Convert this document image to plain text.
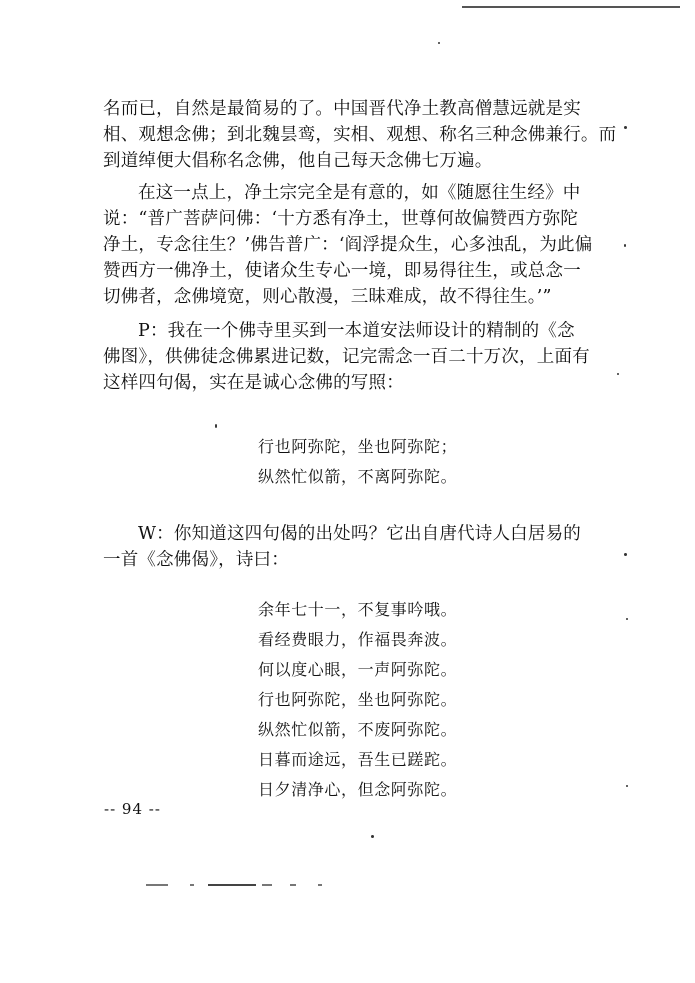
名而已，自然是最简易的了。中国晋代净土教高僧慧远就是实
相、观想念佛；到北魏昙鸾，实相、观想、称名三种念佛兼行。而
到道绰便大倡称名念佛，他自己每天念佛七万遍。
在这一点上，净土宗完全是有意的，如《随愿往生经》中
说：“普广菩萨问佛：‘十方悉有净土，世尊何故偏赞西方弥陀
净土，专念往生？’佛告普广：‘阎浮提众生，心多浊乱，为此偏
赞西方一佛净土，使诸众生专心一境，即易得往生，或总念一
切佛者，念佛境宽，则心散漫，三昧难成，故不得往生。’”
P：我在一个佛寺里买到一本道安法师设计的精制的《念
佛图》，供佛徒念佛累进记数，记完需念一百二十万次，上面有
这样四句偈，实在是诚心念佛的写照：
行也阿弥陀，坐也阿弥陀；
纵然忙似箭，不离阿弥陀。
W：你知道这四句偈的出处吗？它出自唐代诗人白居易的
一首《念佛偈》，诗曰：
余年七十一，不复事吟哦。
看经费眼力，作福畏奔波。
何以度心眼，一声阿弥陀。
行也阿弥陀，坐也阿弥陀。
纵然忙似箭，不废阿弥陀。
日暮而途远，吾生已蹉跎。
日夕清净心，但念阿弥陀。
-- 94 --
